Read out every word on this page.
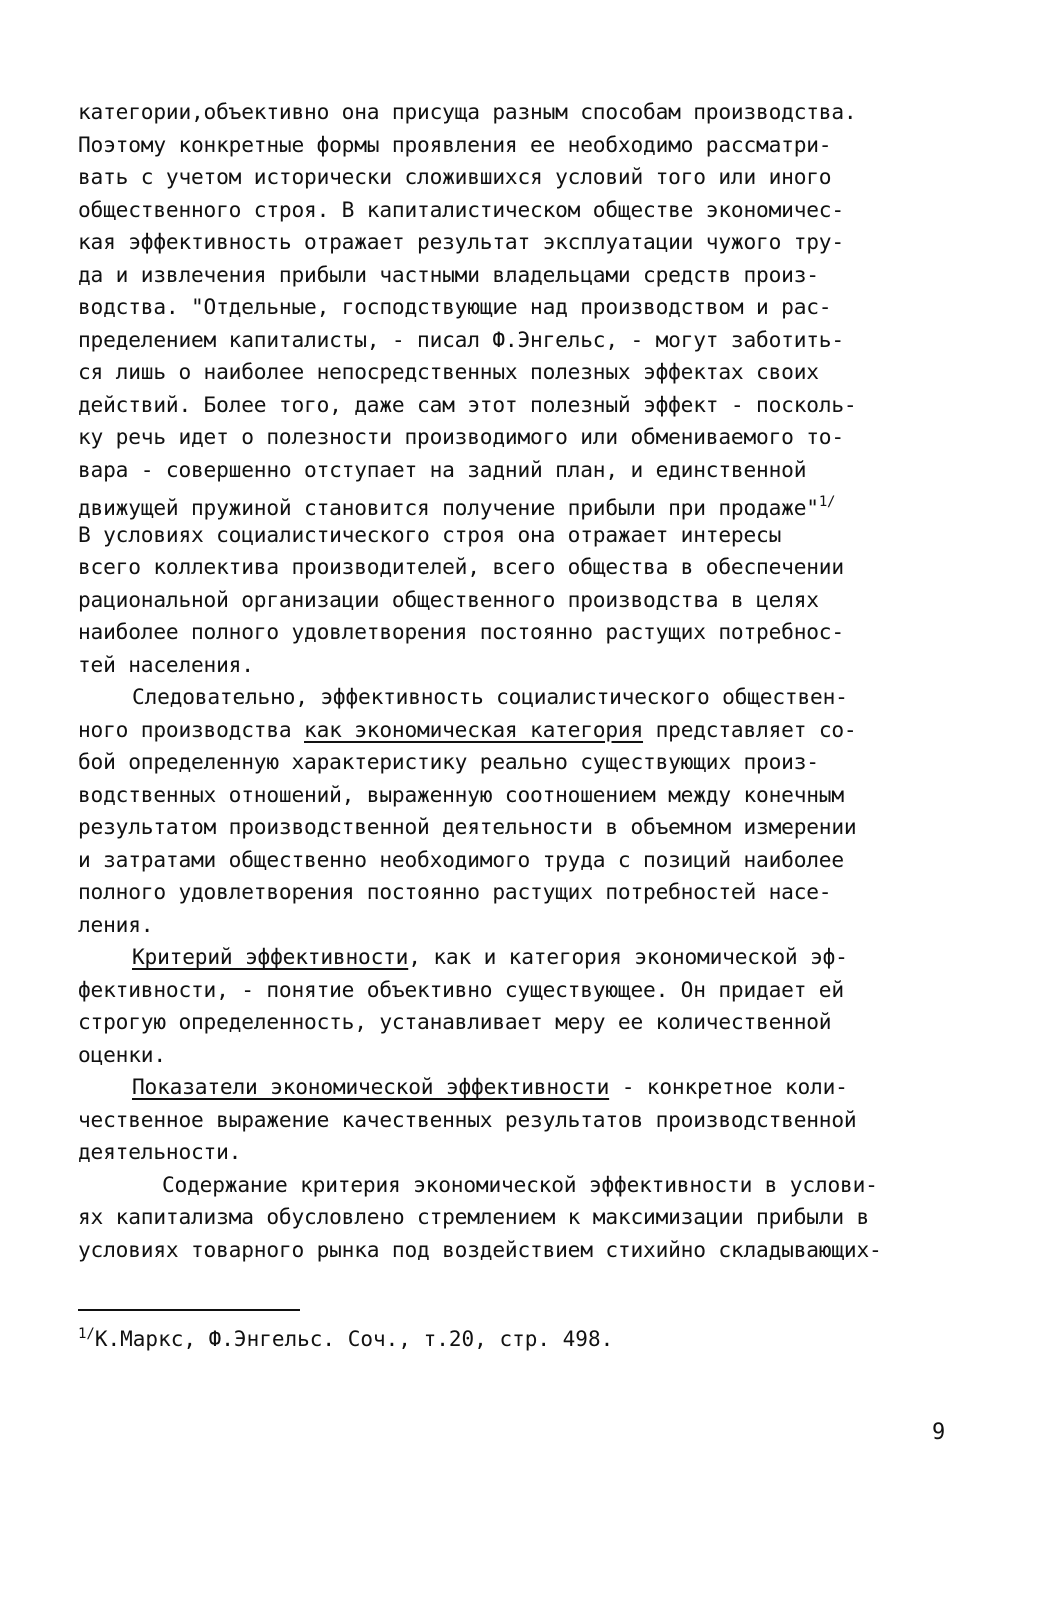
категории,объективно она присуща разным способам производства.
Поэтому конкретные формы проявления ее необходимо рассматри-
вать с учетом исторически сложившихся условий того или иного
общественного строя. В капиталистическом обществе экономичес-
кая эффективность отражает результат эксплуатации чужого тру-
да и извлечения прибыли частными владельцами средств произ-
водства. "Отдельные, господствующие над производством и рас-
пределением капиталисты, - писал Ф.Энгельс, - могут заботить-
ся лишь о наиболее непосредственных полезных эффектах своих
действий. Более того, даже сам этот полезный эффект - посколь-
ку речь идет о полезности производимого или обмениваемого то-
вара - совершенно отступает на задний план, и единственной
движущей пружиной становится получение прибыли при продаже"$^{1/}$
В условиях социалистического строя она отражает интересы
всего коллектива производителей, всего общества в обеспечении
рациональной организации общественного производства в целях
наиболее полного удовлетворения постоянно растущих потребнос-
тей населения.
Следовательно, эффективность социалистического обществен-
ного производства как экономическая категория представляет со-
бой определенную характеристику реально существующих произ-
водственных отношений, выраженную соотношением между конечным
результатом производственной деятельности в объемном измерении
и затратами общественно необходимого труда с позиций наиболее
полного удовлетворения постоянно растущих потребностей насе-
ления.
Критерий эффективности, как и категория экономической эф-
фективности, - понятие объективно существующее. Он придает ей
строгую определенность, устанавливает меру ее количественной
оценки.
Показатели экономической эффективности - конкретное коли-
чественное выражение качественных результатов производственной
деятельности.
Содержание критерия экономической эффективности в услови-
ях капитализма обусловлено стремлением к максимизации прибыли в
условиях товарного рынка под воздействием стихийно складывающих-
$^{1/}$К.Маркс, Ф.Энгельс. Соч., т.20, стр. 498.
9
